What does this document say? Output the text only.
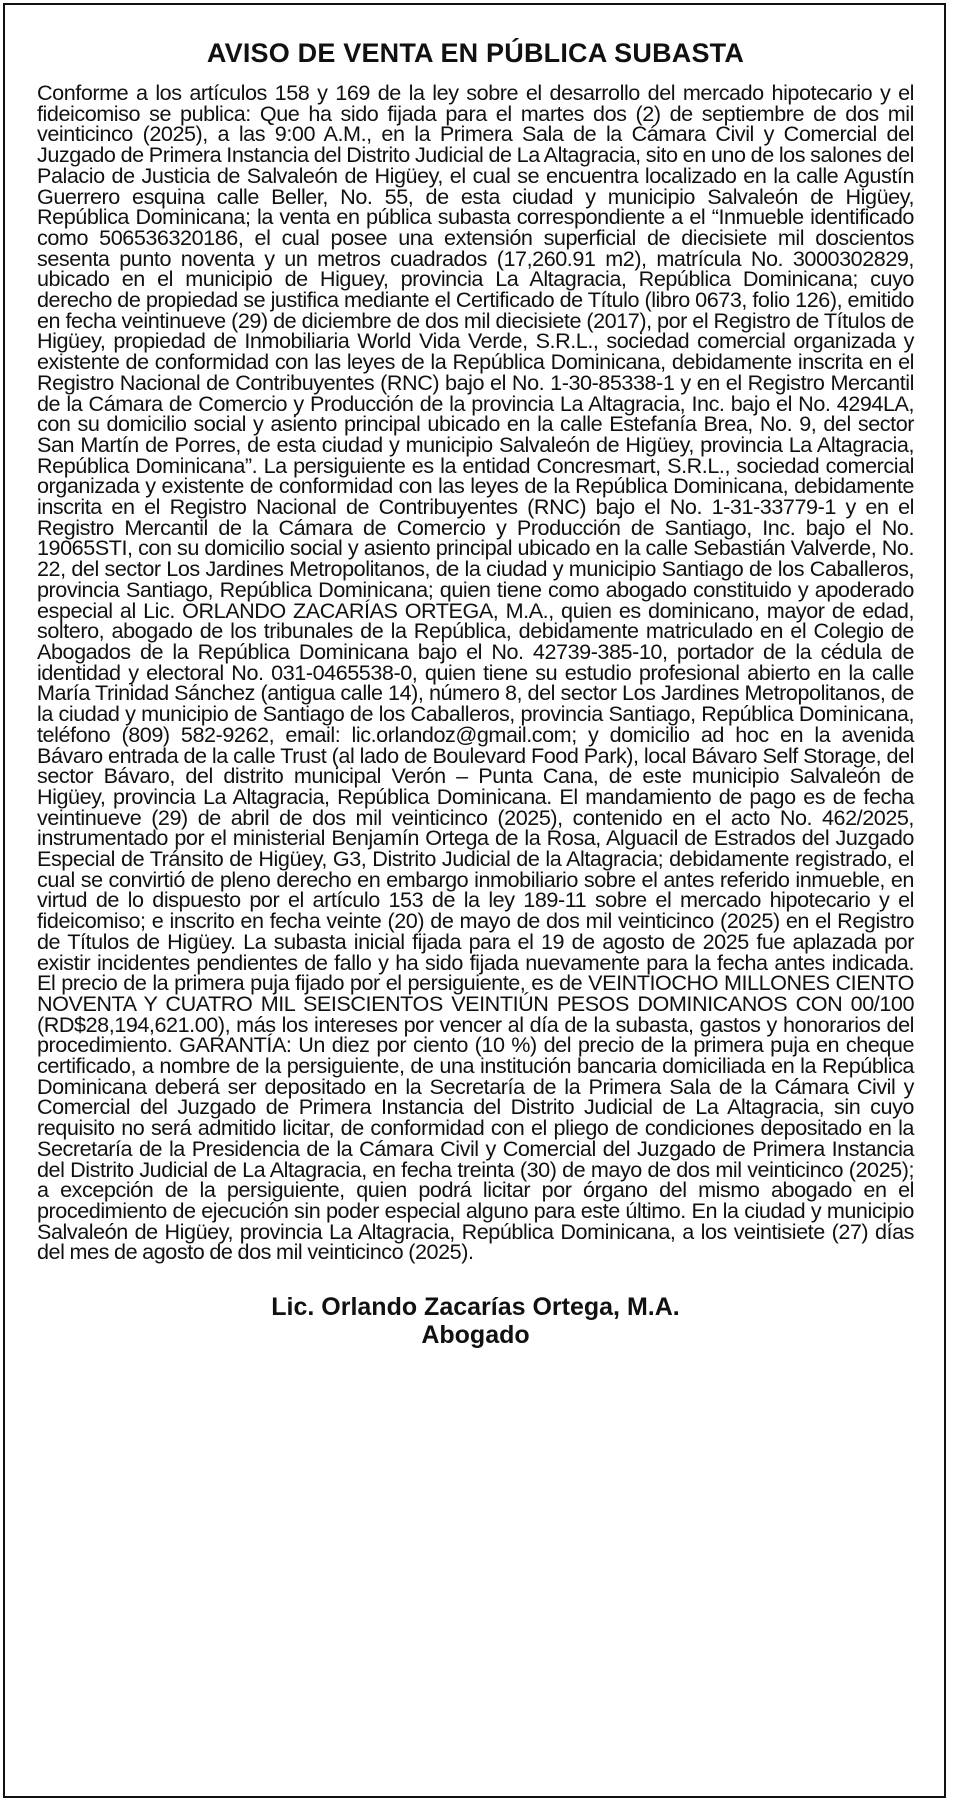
AVISO DE VENTA EN PÚBLICA SUBASTA

Conforme a los artículos 158 y 169 de la ley sobre el desarrollo del mercado hipotecario y el fideicomiso se publica: Que ha sido fijada para el martes dos (2) de septiembre de dos mil veinticinco (2025), a las 9:00 A.M., en la Primera Sala de la Cámara Civil y Comercial del Juzgado de Primera Instancia del Distrito Judicial de La Altagracia, sito en uno de los salones del Palacio de Justicia de Salvaleón de Higüey, el cual se encuentra localizado en la calle Agustín Guerrero esquina calle Beller, No. 55, de esta ciudad y municipio Salvaleón de Higüey, República Dominicana; la venta en pública subasta correspondiente a el “Inmueble identificado como 506536320186, el cual posee una extensión superficial de diecisiete mil doscientos sesenta punto noventa y un metros cuadrados (17,260.91 m2), matrícula No. 3000302829, ubicado en el municipio de Higuey, provincia La Altagracia, República Dominicana; cuyo derecho de propiedad se justifica mediante el Certificado de Título (libro 0673, folio 126), emitido en fecha veintinueve (29) de diciembre de dos mil diecisiete (2017), por el Registro de Títulos de Higüey, propiedad de Inmobiliaria World Vida Verde, S.R.L., sociedad comercial organizada y existente de conformidad con las leyes de la República Dominicana, debidamente inscrita en el Registro Nacional de Contribuyentes (RNC) bajo el No. 1-30-85338-1 y en el Registro Mercantil de la Cámara de Comercio y Producción de la provincia La Altagracia, Inc. bajo el No. 4294LA, con su domicilio social y asiento principal ubicado en la calle Estefanía Brea, No. 9, del sector San Martín de Porres, de esta ciudad y municipio Salvaleón de Higüey, provincia La Altagracia, República Dominicana”. La persiguiente es la entidad Concresmart, S.R.L., sociedad comercial organizada y existente de conformidad con las leyes de la República Dominicana, debidamente inscrita en el Registro Nacional de Contribuyentes (RNC) bajo el No. 1-31-33779-1 y en el Registro Mercantil de la Cámara de Comercio y Producción de Santiago, Inc. bajo el No. 19065STI, con su domicilio social y asiento principal ubicado en la calle Sebastián Valverde, No. 22, del sector Los Jardines Metropolitanos, de la ciudad y municipio Santiago de los Caballeros, provincia Santiago, República Dominicana; quien tiene como abogado constituido y apoderado especial al Lic. ORLANDO ZACARÍAS ORTEGA, M.A., quien es dominicano, mayor de edad, soltero, abogado de los tribunales de la República, debidamente matriculado en el Colegio de Abogados de la República Dominicana bajo el No. 42739-385-10, portador de la cédula de identidad y electoral No. 031-0465538-0, quien tiene su estudio profesional abierto en la calle María Trinidad Sánchez (antigua calle 14), número 8, del sector Los Jardines Metropolitanos, de la ciudad y municipio de Santiago de los Caballeros, provincia Santiago, República Dominicana, teléfono (809) 582-9262, email: lic.orlandoz@gmail.com; y domicilio ad hoc en la avenida Bávaro entrada de la calle Trust (al lado de Boulevard Food Park), local Bávaro Self Storage, del sector Bávaro, del distrito municipal Verón – Punta Cana, de este municipio Salvaleón de Higüey, provincia La Altagracia, República Dominicana. El mandamiento de pago es de fecha veintinueve (29) de abril de dos mil veinticinco (2025), contenido en el acto No. 462/2025, instrumentado por el ministerial Benjamín Ortega de la Rosa, Alguacil de Estrados del Juzgado Especial de Tránsito de Higüey, G3, Distrito Judicial de la Altagracia; debidamente registrado, el cual se convirtió de pleno derecho en embargo inmobiliario sobre el antes referido inmueble, en virtud de lo dispuesto por el artículo 153 de la ley 189-11 sobre el mercado hipotecario y el fideicomiso; e inscrito en fecha veinte (20) de mayo de dos mil veinticinco (2025) en el Registro de Títulos de Higüey. La subasta inicial fijada para el 19 de agosto de 2025 fue aplazada por existir incidentes pendientes de fallo y ha sido fijada nuevamente para la fecha antes indicada. El precio de la primera puja fijado por el persiguiente, es de VEINTIOCHO MILLONES CIENTO NOVENTA Y CUATRO MIL SEISCIENTOS VEINTIÚN PESOS DOMINICANOS CON 00/100 (RD$28,194,621.00), más los intereses por vencer al día de la subasta, gastos y honorarios del procedimiento. GARANTÍA: Un diez por ciento (10 %) del precio de la primera puja en cheque certificado, a nombre de la persiguiente, de una institución bancaria domiciliada en la República Dominicana deberá ser depositado en la Secretaría de la Primera Sala de la Cámara Civil y Comercial del Juzgado de Primera Instancia del Distrito Judicial de La Altagracia, sin cuyo requisito no será admitido licitar, de conformidad con el pliego de condiciones depositado en la Secretaría de la Presidencia de la Cámara Civil y Comercial del Juzgado de Primera Instancia del Distrito Judicial de La Altagracia, en fecha treinta (30) de mayo de dos mil veinticinco (2025); a excepción de la persiguiente, quien podrá licitar por órgano del mismo abogado en el procedimiento de ejecución sin poder especial alguno para este último. En la ciudad y municipio Salvaleón de Higüey, provincia La Altagracia, República Dominicana, a los veintisiete (27) días del mes de agosto de dos mil veinticinco (2025).

Lic. Orlando Zacarías Ortega, M.A.
Abogado
